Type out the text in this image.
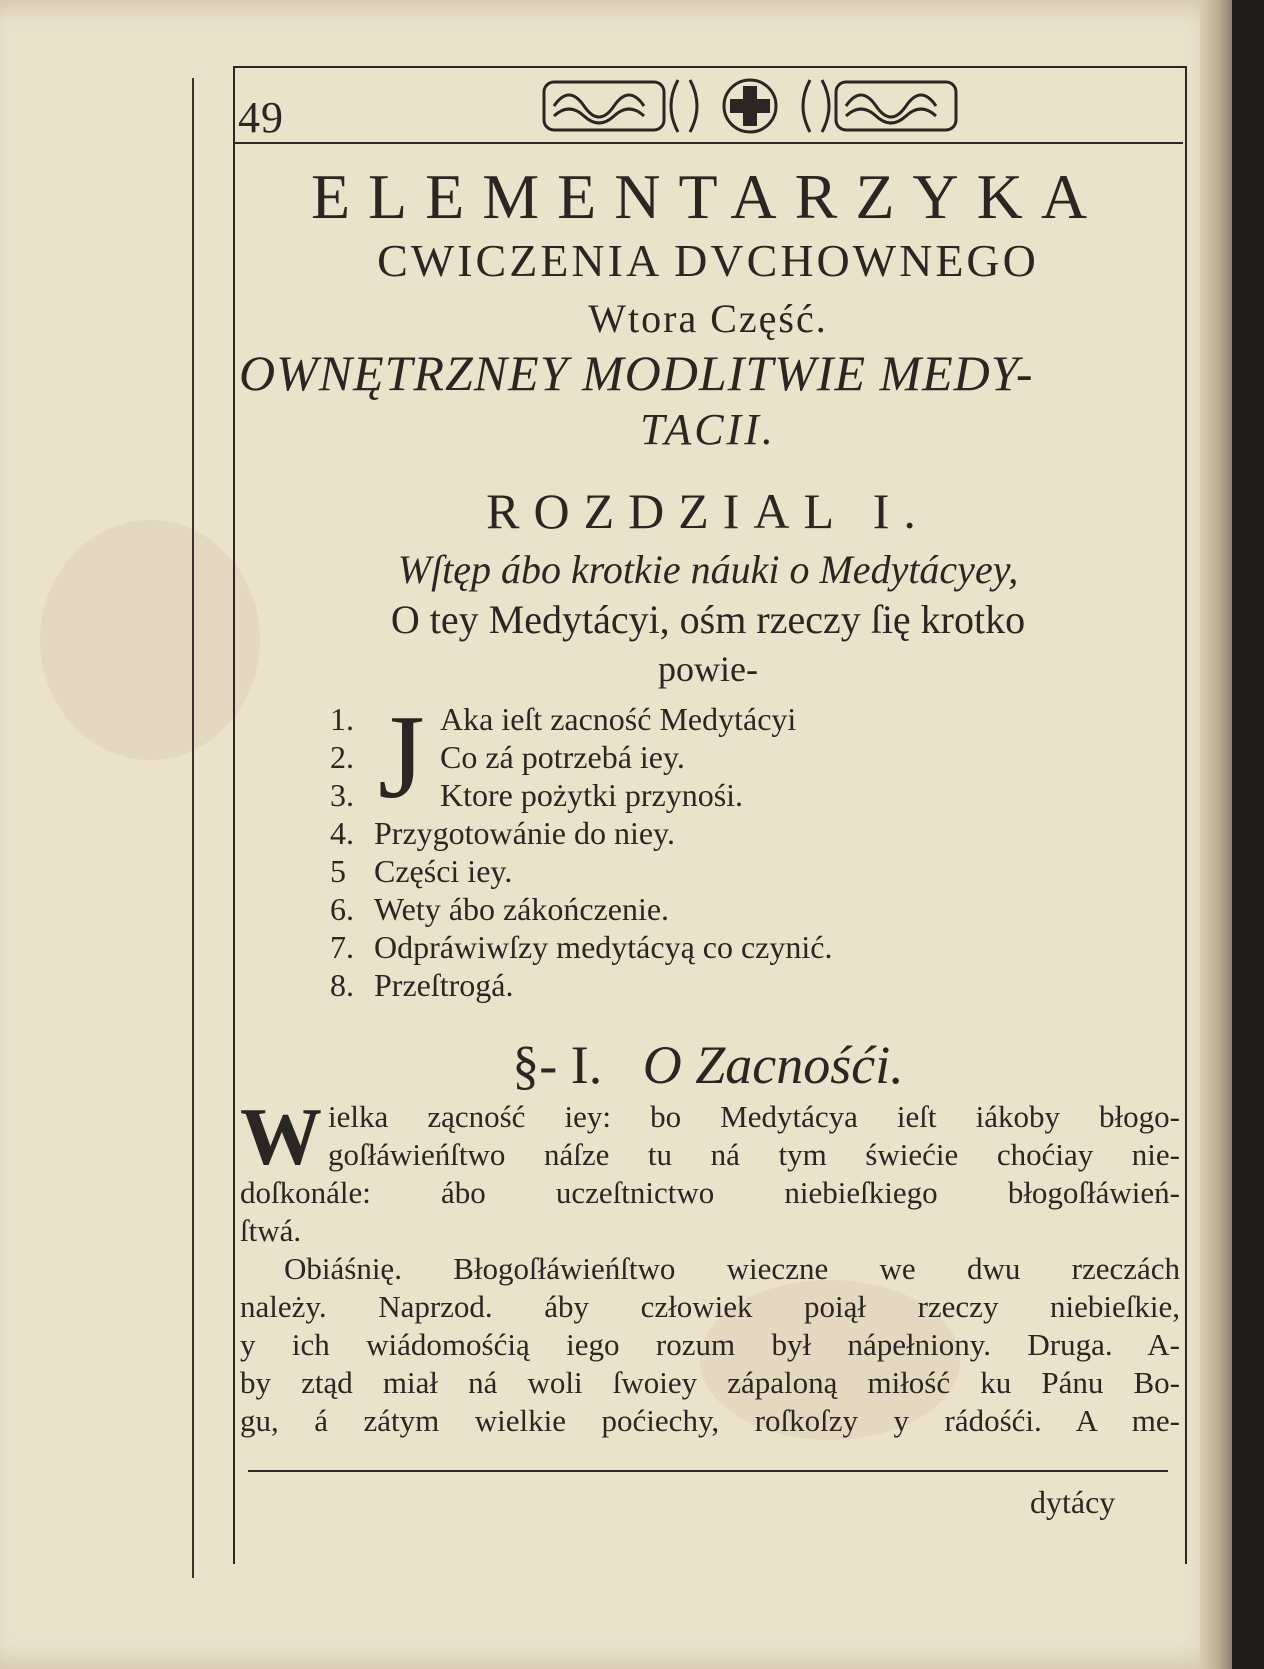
49
ELEMENTARZYKA
CWICZENIA DVCHOWNEGO
Wtora Część.
OWNĘTRZNEY MODLITWIE MEDY-
TACII.
ROZDZIAL I.
Wſtęp ábo krotkie náuki o Medytácyey,
O tey Medytácyi, ośm rzeczy ſię krotko
powie-
J
1.	Aka ieſt zacność Medytácyi
2.	Co zá potrzebá iey.
3.	Ktore pożytki przynośi.
4. Przygotowánie do niey.
5 Części iey.
6. Wety ábo zákończenie.
7. Odpráwiwſzy medytácyą co czynić.
8. Przeſtrogá.
§- I. O Zacnośći.
W ielka zącność iey: bo Medytácya ieſt iákoby błogo-
goſłáwieńſtwo náſze tu ná tym świećie choćiay nie-
doſkonále: ábo uczeſtnictwo niebieſkiego błogoſłáwień-
ſtwá.
Obiáśnię. Błogoſłáwieńſtwo wieczne we dwu rzeczách
należy. Naprzod. áby człowiek poiął rzeczy niebieſkie,
y ich wiádomośćią iego rozum był nápełniony. Druga. A-
by ztąd miał ná woli ſwoiey zápaloną miłość ku Pánu Bo-
gu, á zátym wielkie poćiechy, roſkoſzy y rádośći. A me-
dytácy
